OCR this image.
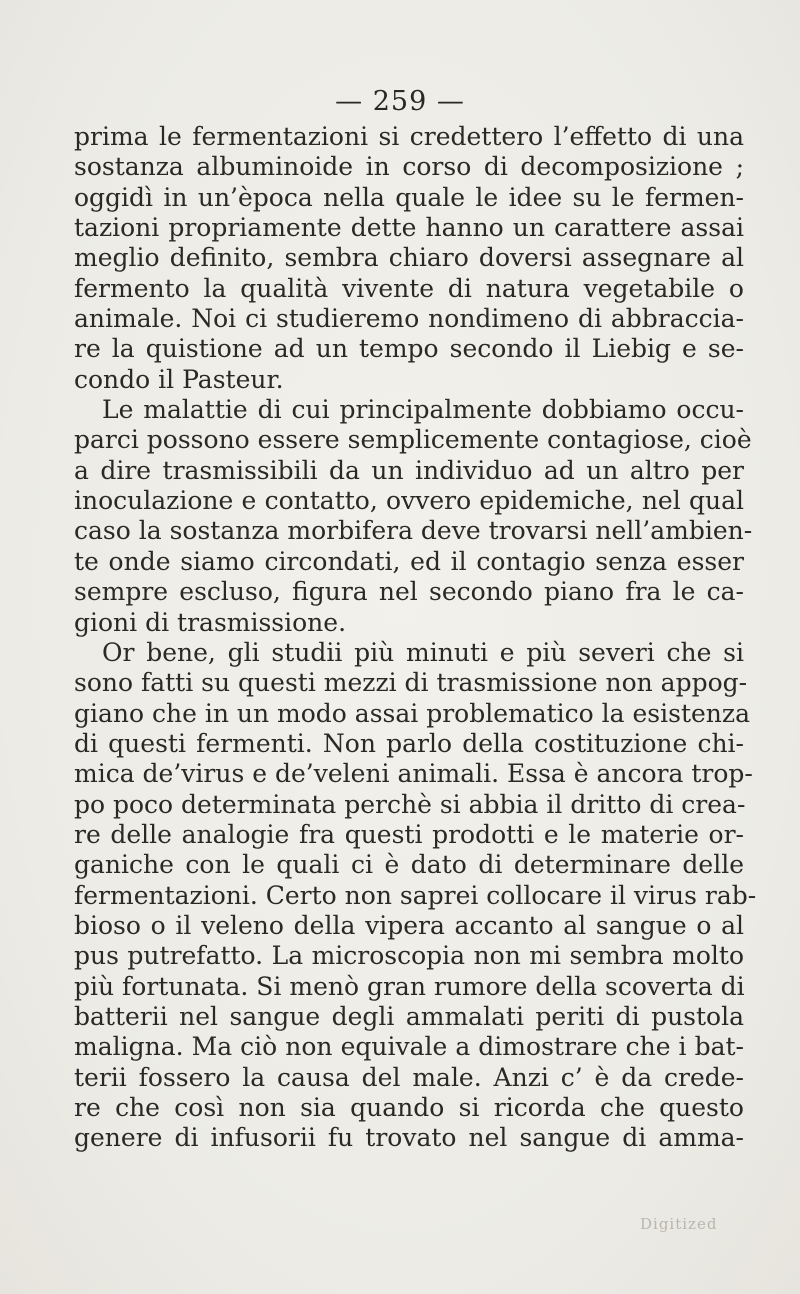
— 259 —
prima le fermentazioni si credettero l’effetto di una
sostanza albuminoide in corso di decomposizione ;
oggidì in un’època nella quale le idee su le fermen-
tazioni propriamente dette hanno un carattere assai
meglio definito, sembra chiaro doversi assegnare al
fermento la qualità vivente di natura vegetabile o
animale. Noi ci studieremo nondimeno di abbraccia-
re la quistione ad un tempo secondo il Liebig e se-
condo il Pasteur.
Le malattie di cui principalmente dobbiamo occu-
parci possono essere semplicemente contagiose, cioè
a dire trasmissibili da un individuo ad un altro per
inoculazione e contatto, ovvero epidemiche, nel qual
caso la sostanza morbifera deve trovarsi nell’ambien-
te onde siamo circondati, ed il contagio senza esser
sempre escluso, figura nel secondo piano fra le ca-
gioni di trasmissione.
Or bene, gli studii più minuti e più severi che si
sono fatti su questi mezzi di trasmissione non appog-
giano che in un modo assai problematico la esistenza
di questi fermenti. Non parlo della costituzione chi-
mica de’virus e de’veleni animali. Essa è ancora trop-
po poco determinata perchè si abbia il dritto di crea-
re delle analogie fra questi prodotti e le materie or-
ganiche con le quali ci è dato di determinare delle
fermentazioni. Certo non saprei collocare il virus rab-
bioso o il veleno della vipera accanto al sangue o al
pus putrefatto. La microscopia non mi sembra molto
più fortunata. Si menò gran rumore della scoverta di
batterii nel sangue degli ammalati periti di pustola
maligna. Ma ciò non equivale a dimostrare che i bat-
terii fossero la causa del male. Anzi c’ è da crede-
re che così non sia quando si ricorda che questo
genere di infusorii fu trovato nel sangue di amma-
Digitized
